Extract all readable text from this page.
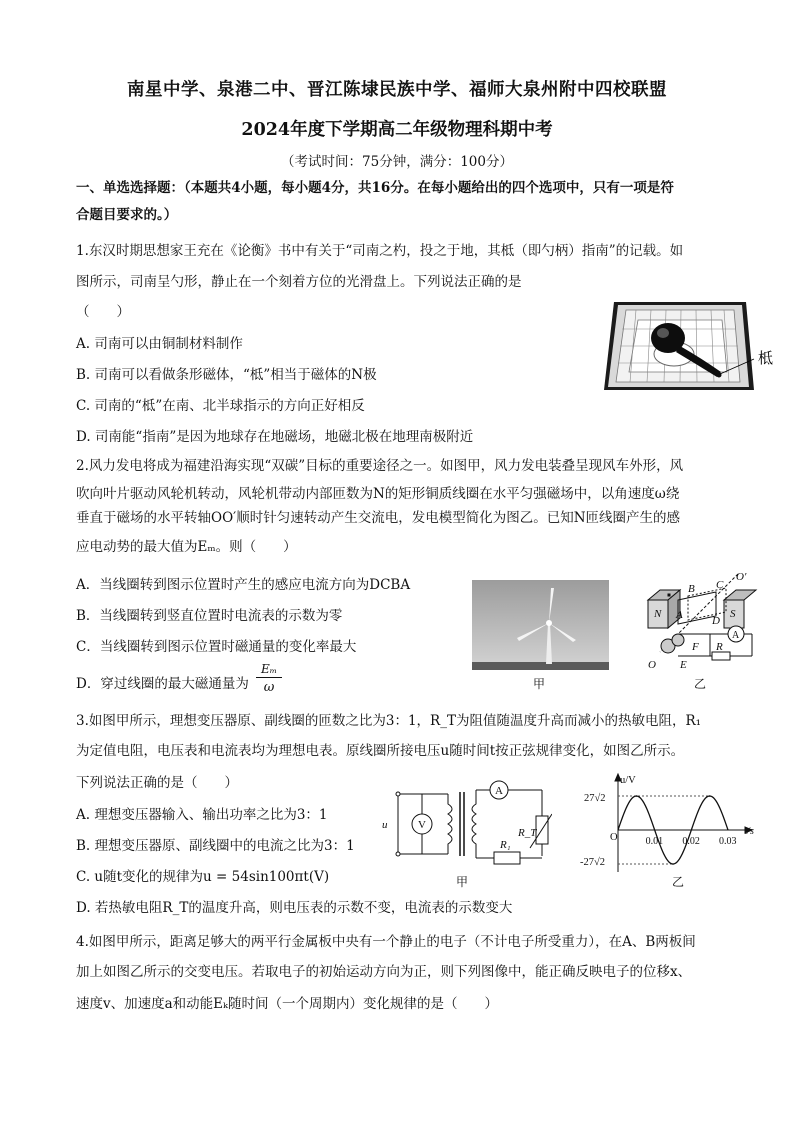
南星中学、泉港二中、晋江陈埭民族中学、福师大泉州附中四校联盟
2024年度下学期高二年级物理科期中考
（考试时间：75分钟，满分：100分）
一、单选选择题：（本题共4小题，每小题4分，共16分。在每小题给出的四个选项中，只有一项是符
合题目要求的。）
1.东汉时期思想家王充在《论衡》书中有关于“司南之杓，投之于地，其柢（即勺柄）指南”的记载。如
图所示，司南呈勺形，静止在一个刻着方位的光滑盘上。下列说法正确的是
（　　）
A. 司南可以由铜制材料制作
B. 司南可以看做条形磁体，“柢”相当于磁体的N极
C. 司南的“柢”在南、北半球指示的方向正好相反
D. 司南能“指南”是因为地球存在地磁场，地磁北极在地理南极附近
柢
2.风力发电将成为福建沿海实现“双碳”目标的重要途径之一。如图甲，风力发电装叠呈现风车外形，风
吹向叶片驱动风轮机转动，风轮机带动内部匝数为N的矩形铜质线圈在水平匀强磁场中，以角速度ω绕
垂直于磁场的水平转轴OO′顺时针匀速转动产生交流电，发电模型简化为图乙。已知N匝线圈产生的感
应电动势的最大值为Eₘ。则（　　）
A．当线圈转到图示位置时产生的感应电流方向为DCBA
B．当线圈转到竖直位置时电流表的示数为零
C．当线圈转到图示位置时磁通量的变化率最大
D．穿过线圈的最大磁通量为
Eₘ
ω	甲
N	S
A
B C
D
E
F R
O
O′
A
乙
3.如图甲所示，理想变压器原、副线圈的匝数之比为3：1，R_T为阻值随温度升高而减小的热敏电阻，R₁
为定值电阻，电压表和电流表均为理想电表。原线圈所接电压u随时间t按正弦规律变化，如图乙所示。
下列说法正确的是（　　）
A. 理想变压器输入、输出功率之比为3：1
B. 理想变压器原、副线圈中的电流之比为3：1
C. u随t变化的规律为u = 54sin100πt(V)
D. 若热敏电阻R_T的温度升高，则电压表的示数不变，电流表的示数变大
u	V
A
R_T
R₁
甲
u/V
t/s
O
27√2
-27√2
0.01 0.02 0.03
乙
4.如图甲所示，距离足够大的两平行金属板中央有一个静止的电子（不计电子所受重力），在A、B两板间
加上如图乙所示的交变电压。若取电子的初始运动方向为正，则下列图像中，能正确反映电子的位移x、
速度v、加速度a和动能Eₖ随时间（一个周期内）变化规律的是（　　）
